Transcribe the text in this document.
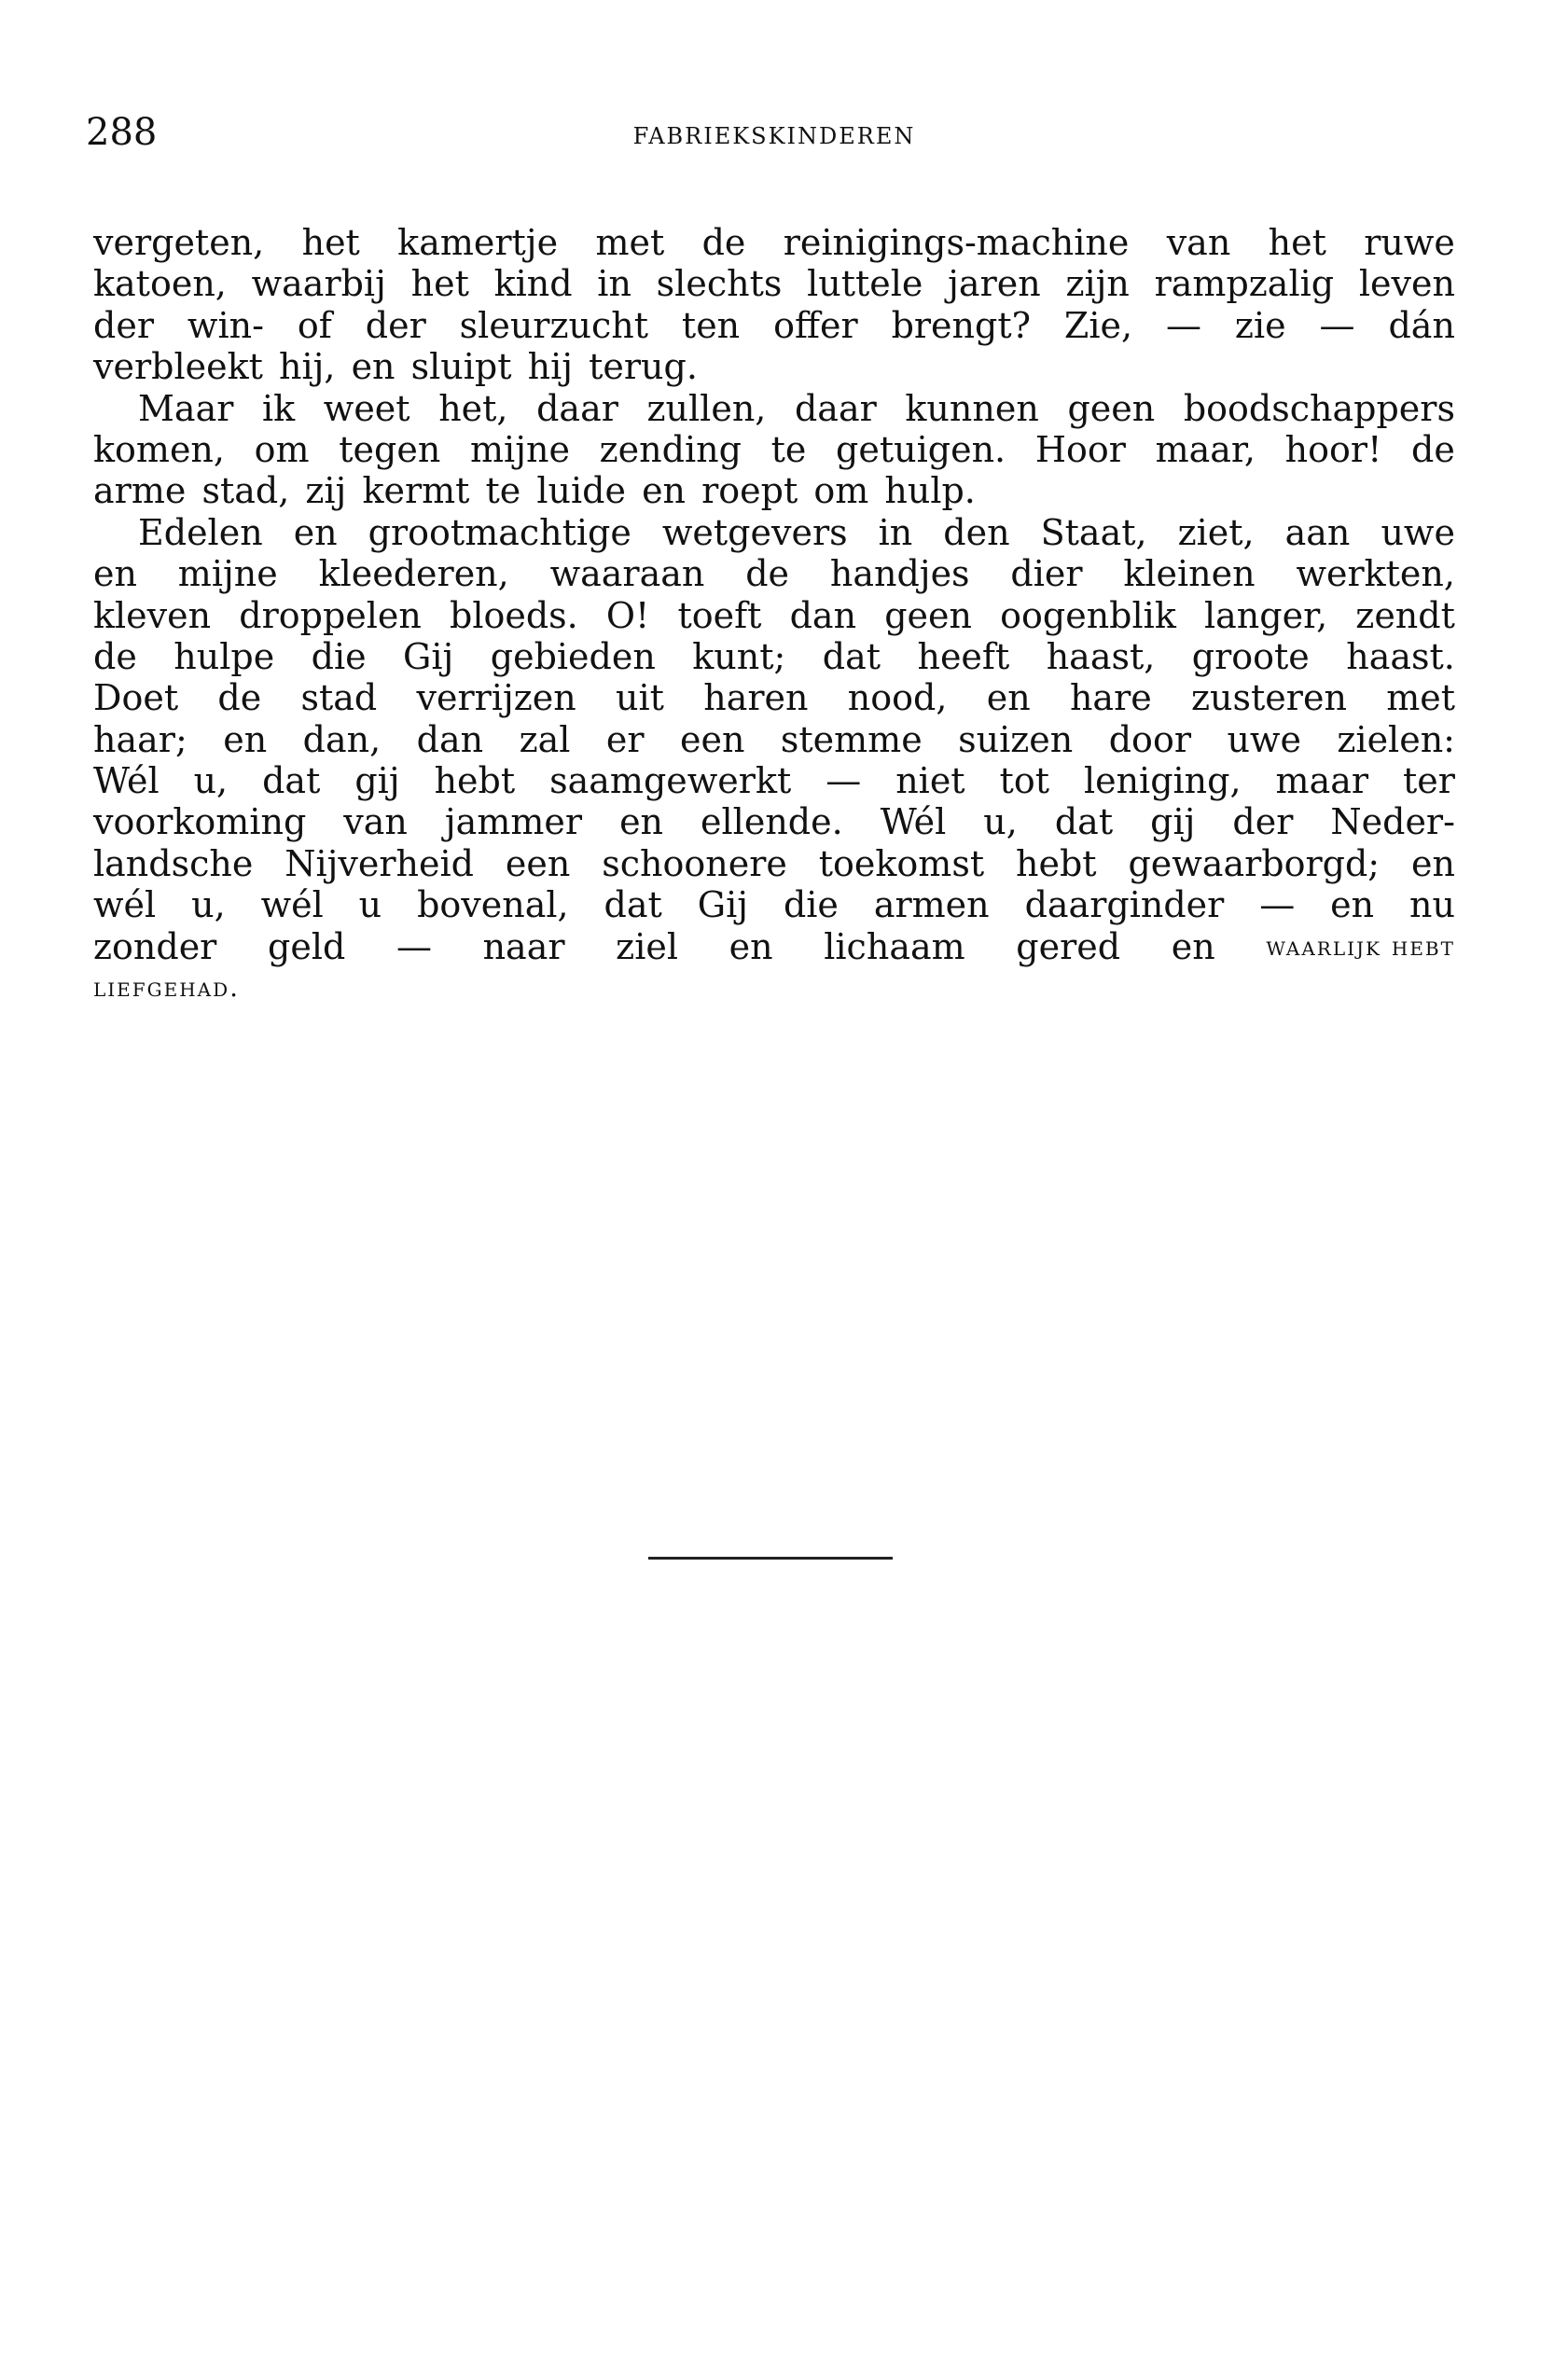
288	FABRIEKSKINDEREN
vergeten, het kamertje met de reinigings-machine van het ruwe
katoen, waarbij het kind in slechts luttele jaren zijn rampzalig leven
der win- of der sleurzucht ten offer brengt? Zie, — zie — dán
verbleekt hij, en sluipt hij terug.
Maar ik weet het, daar zullen, daar kunnen geen boodschappers
komen, om tegen mijne zending te getuigen. Hoor maar, hoor! de
arme stad, zij kermt te luide en roept om hulp.
Edelen en grootmachtige wetgevers in den Staat, ziet, aan uwe
en mijne kleederen, waaraan de handjes dier kleinen werkten,
kleven droppelen bloeds. O! toeft dan geen oogenblik langer, zendt
de hulpe die Gij gebieden kunt; dat heeft haast, groote haast.
Doet de stad verrijzen uit haren nood, en hare zusteren met
haar; en dan, dan zal er een stemme suizen door uwe zielen:
Wél u, dat gij hebt saamgewerkt — niet tot leniging, maar ter
voorkoming van jammer en ellende. Wél u, dat gij der Neder-
landsche Nijverheid een schoonere toekomst hebt gewaarborgd; en
wél u, wél u bovenal, dat Gij die armen daarginder — en nu
zonder geld — naar ziel en lichaam gered en waarlijk hebt
liefgehad.
